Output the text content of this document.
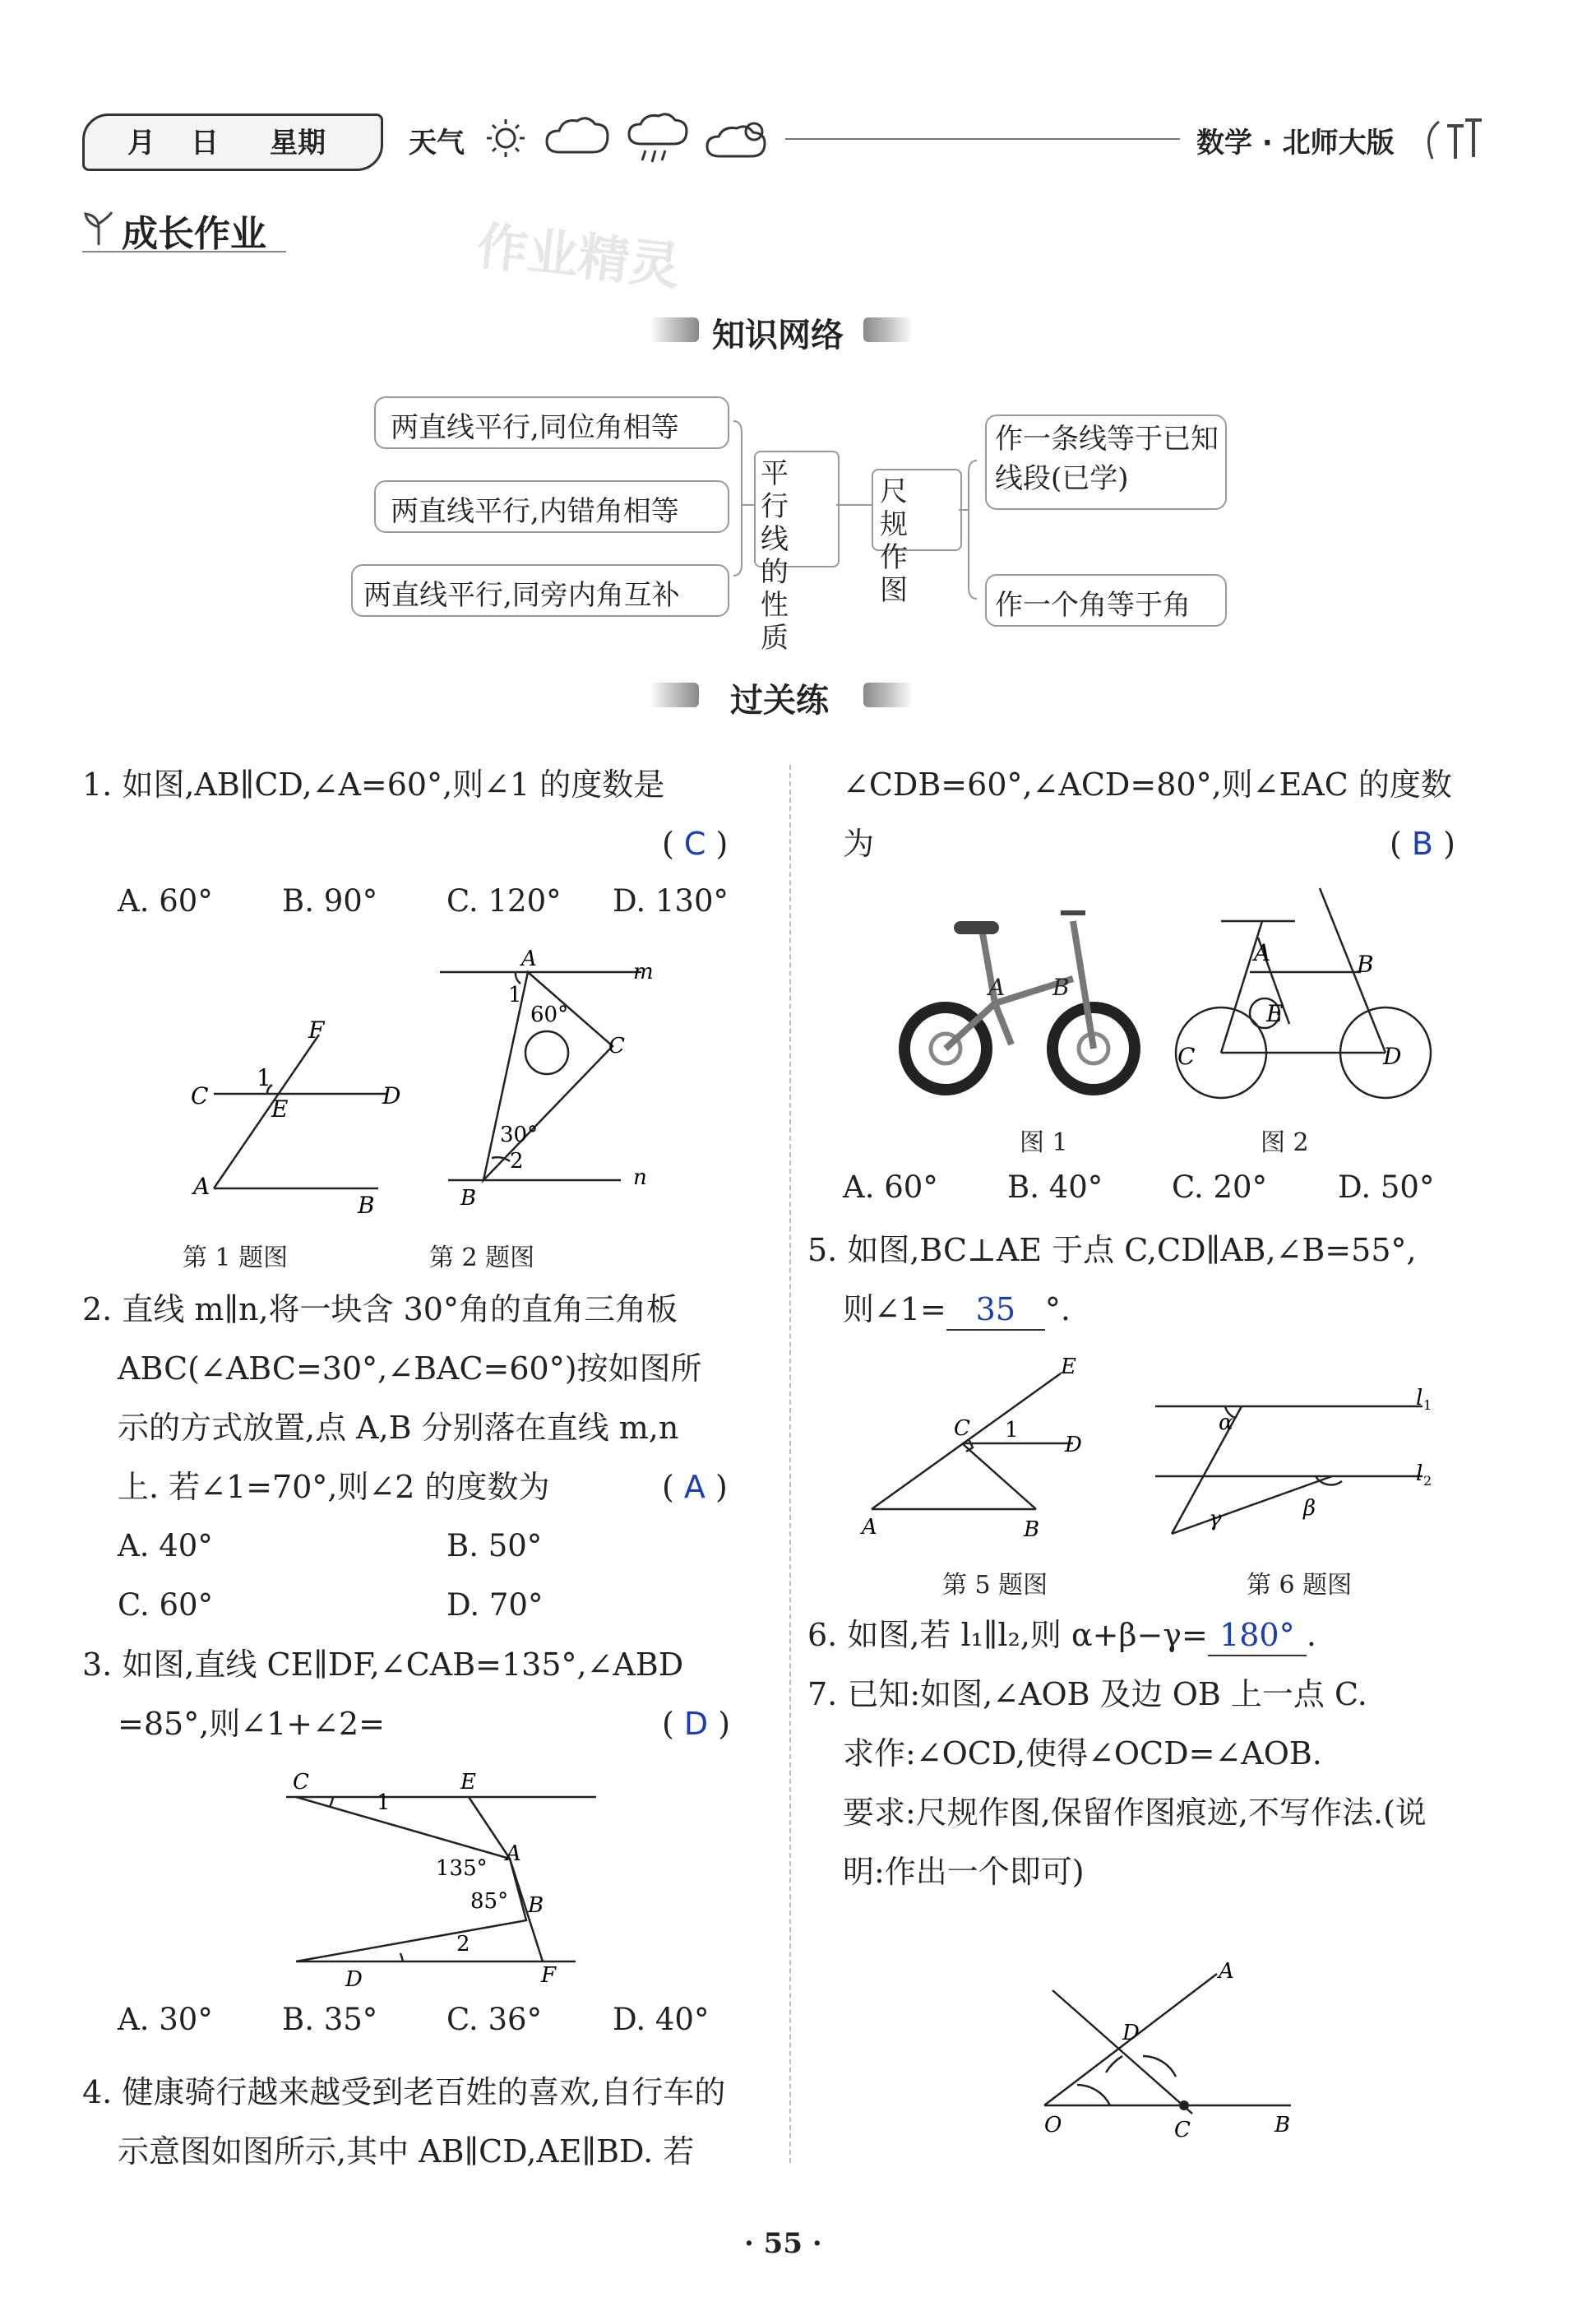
月 日 星期	天气	数学 · 北师大版
成长作业	作业精灵
知识网络
两直线平行,同位角相等
两直线平行,内错角相等
两直线平行,同旁内角互补
平行线的性质
尺规作图
作一条线等于已知线段(已学)
作一个角等于角
过关练
1. 如图,AB∥CD,∠A=60°,则∠1 的度数是
( C )
A. 60° B. 90° C. 120° D. 130°
F
1
C	E	D
A
B
第 1 题图
A
1
60°
C
30°
2
B
n
m
第 2 题图
2. 直线 m∥n,将一块含 30°角的直角三角板
ABC(∠ABC=30°,∠BAC=60°)按如图所
示的方式放置,点 A,B 分别落在直线 m,n
上. 若∠1=70°,则∠2 的度数为	( A )
A. 40°	B. 50°
C. 60°	D. 70°
3. 如图,直线 CE∥DF,∠CAB=135°,∠ABD
=85°,则∠1+∠2=	( D )
C	E
1
A
135°
85° B
2
D	F
A. 30° B. 35° C. 36° D. 40°
4. 健康骑行越来越受到老百姓的喜欢,自行车的
示意图如图所示,其中 AB∥CD,AE∥BD. 若
∠CDB=60°,∠ACD=80°,则∠EAC 的度数
为	( B )
A B
图 1
A	B
E
C	D
图 2
A. 60° B. 40° C. 20° D. 50°
5. 如图,BC⊥AE 于点 C,CD∥AB,∠B=55°,
则∠1= 35 °.
E
C 1
D
A	B
第 5 题图
α
γ	β
l 1
l 2
第 6 题图
6. 如图,若 l₁∥l₂,则 α+β−γ= 180° .
7. 已知:如图,∠AOB 及边 OB 上一点 C.
求作:∠OCD,使得∠OCD=∠AOB.
要求:尺规作图,保留作图痕迹,不写作法.(说
明:作出一个即可)
D
A
O	C	B
· 55 ·
